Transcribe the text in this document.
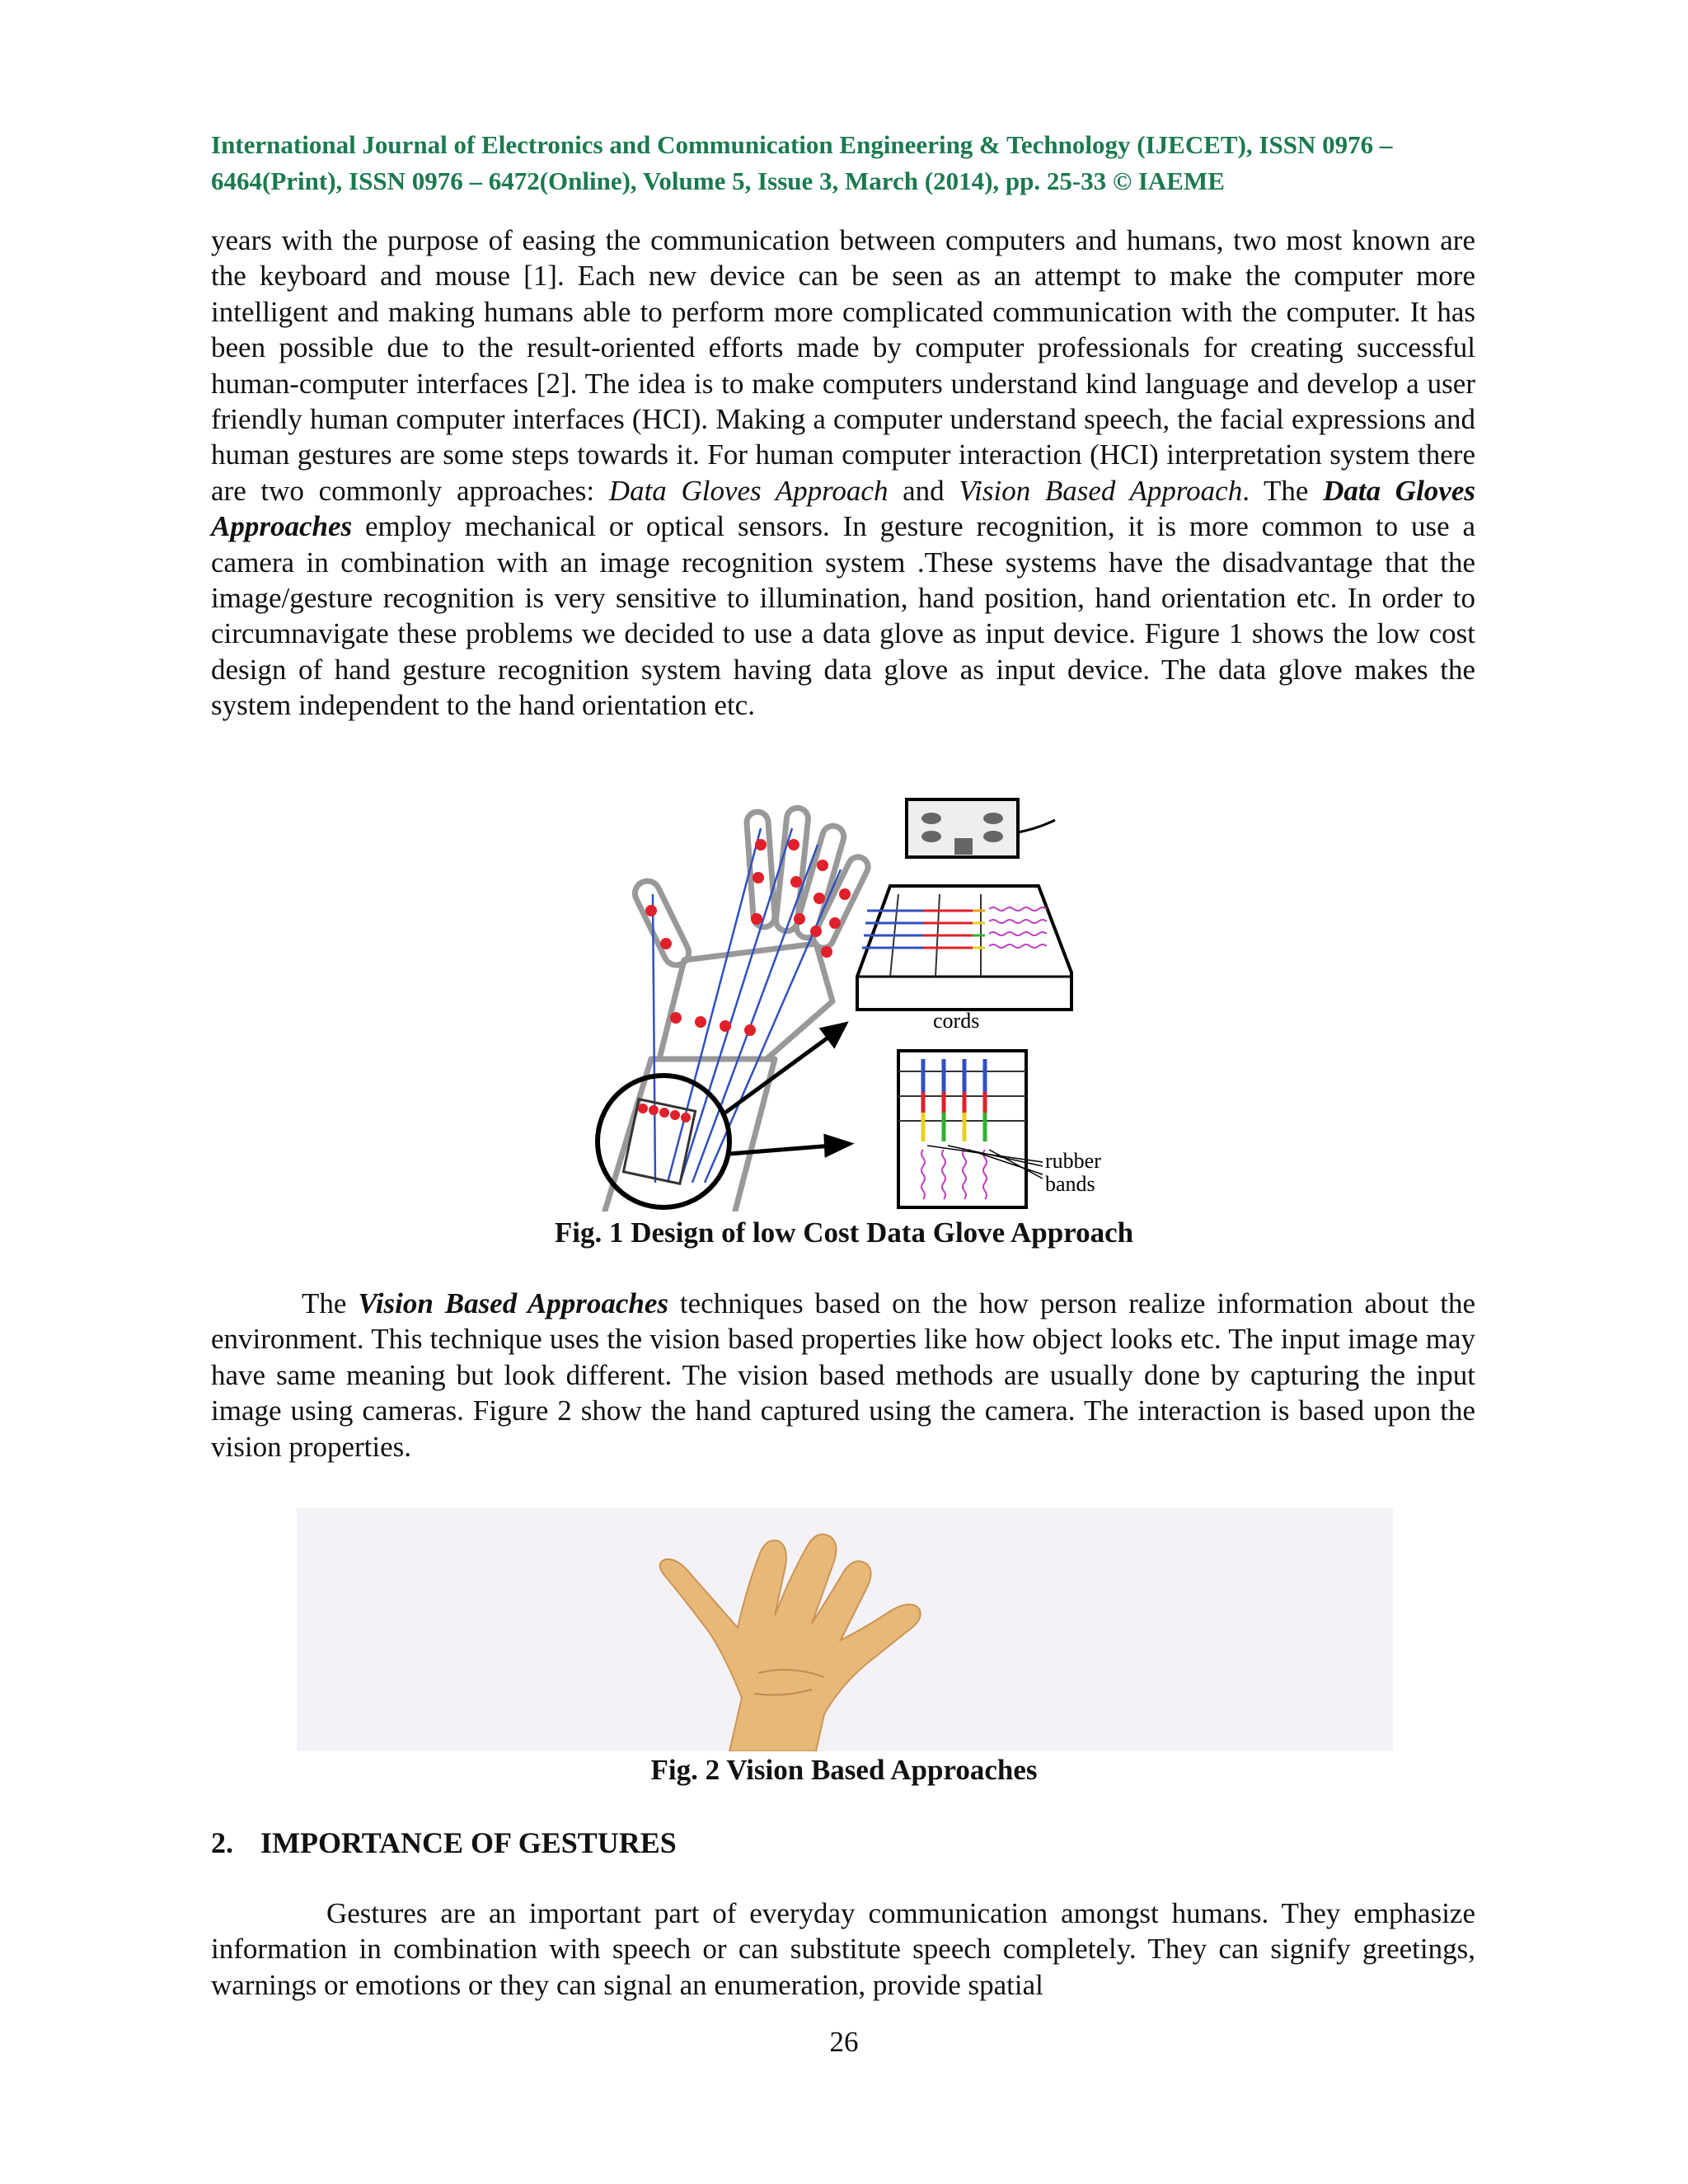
International Journal of Electronics and Communication Engineering & Technology (IJECET), ISSN 0976 –
6464(Print), ISSN 0976 – 6472(Online), Volume 5, Issue 3, March (2014), pp. 25-33 © IAEME
years with the purpose of easing the communication between computers and humans, two most known are the keyboard and mouse [1]. Each new device can be seen as an attempt to make the computer more intelligent and making humans able to perform more complicated communication with the computer. It has been possible due to the result-oriented efforts made by computer professionals for creating successful human-computer interfaces [2]. The idea is to make computers understand kind language and develop a user friendly human computer interfaces (HCI). Making a computer understand speech, the facial expressions and human gestures are some steps towards it. For human computer interaction (HCI) interpretation system there are two commonly approaches: Data Gloves Approach and Vision Based Approach. The Data Gloves Approaches employ mechanical or optical sensors. In gesture recognition, it is more common to use a camera in combination with an image recognition system .These systems have the disadvantage that the image/gesture recognition is very sensitive to illumination, hand position, hand orientation etc. In order to circumnavigate these problems we decided to use a data glove as input device. Figure 1 shows the low cost design of hand gesture recognition system having data glove as input device. The data glove makes the system independent to the hand orientation etc.
cords
rubber
bands
Fig. 1 Design of low Cost Data Glove Approach
The Vision Based Approaches techniques based on the how person realize information about the environment. This technique uses the vision based properties like how object looks etc. The input image may have same meaning but look different. The vision based methods are usually done by capturing the input image using cameras. Figure 2 show the hand captured using the camera. The interaction is based upon the vision properties.
Fig. 2 Vision Based Approaches
2. IMPORTANCE OF GESTURES
Gestures are an important part of everyday communication amongst humans. They emphasize information in combination with speech or can substitute speech completely. They can signify greetings, warnings or emotions or they can signal an enumeration, provide spatial
26
